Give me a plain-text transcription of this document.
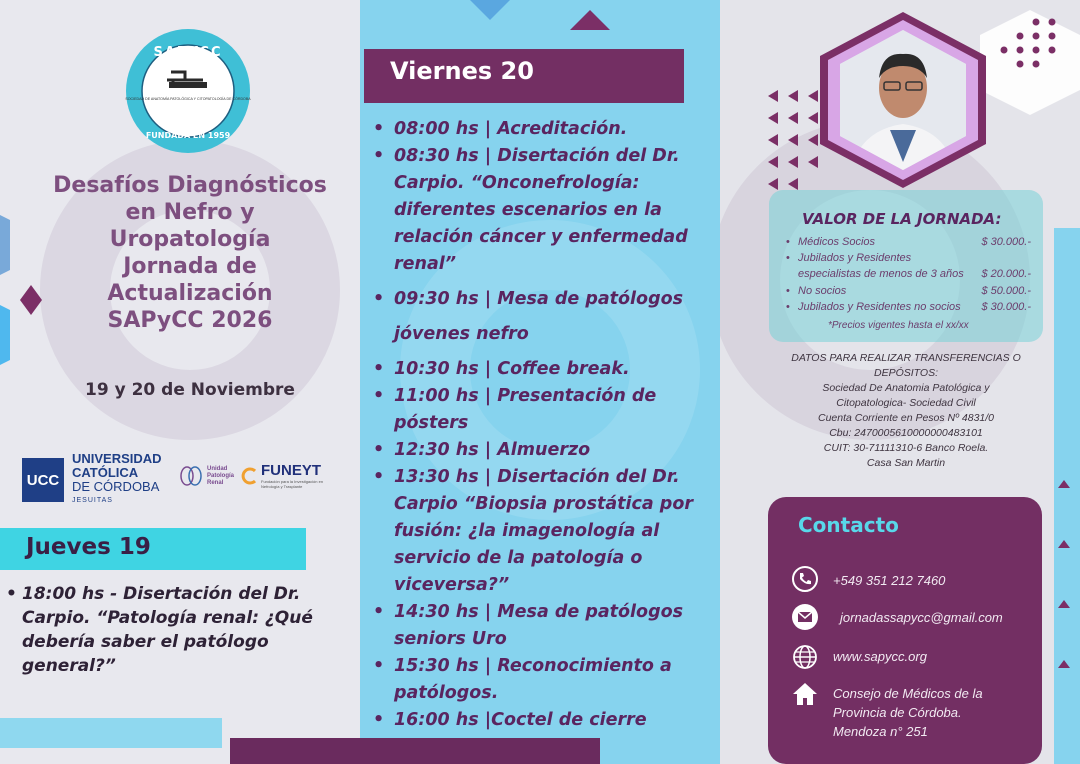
SAPYCC
SOCIEDAD DE ANATOMÍA PATOLÓGICA Y CITOPATOLOGÍA DE CÓRDOBA
FUNDADA EN 1959
Desafíos Diagnósticos
en Nefro y
Uropatología
Jornada de
Actualización
SAPyCC 2026
19 y 20 de Noviembre
UCC
UNIVERSIDAD
CATÓLICA
DE CÓRDOBA
JESUITAS
Unidad
Patología
Renal
FUNEYT
Fundación para la Investigación en Nefrología y Trasplante
Jueves 19
• 18:00 hs - Disertación del Dr. Carpio. “Patología renal: ¿Qué debería saber el patólogo general?”
Viernes 20
• 08:00 hs | Acreditación.
• 08:30 hs | Disertación del Dr. Carpio. “Onconefrología: diferentes escenarios en la relación cáncer y enfermedad renal”
• 09:30 hs | Mesa de patólogos
jóvenes nefro
• 10:30 hs | Coffee break.
• 11:00 hs | Presentación de pósters
• 12:30 hs | Almuerzo
• 13:30 hs | Disertación del Dr. Carpio “Biopsia prostática por fusión: ¿la imagenología al servicio de la patología o viceversa?”
• 14:30 hs | Mesa de patólogos seniors Uro
• 15:30 hs | Reconocimiento a patólogos.
• 16:00 hs |Coctel de cierre
VALOR DE LA JORNADA:
• Médicos Socios	$ 30.000.-
• Jubilados y Residentes
especialistas de menos de 3 años $ 20.000.-
• No socios	$ 50.000.-
• Jubilados y Residentes no socios $ 30.000.-
*Precios vigentes hasta el xx/xx
DATOS PARA REALIZAR TRANSFERENCIAS O DEPÓSITOS:
Sociedad De Anatomia Patológica y
Citopatologica- Sociedad Civil
Cuenta Corriente en Pesos Nº 4831/0
Cbu: 2470005610000000483101
CUIT: 30-71111310-6 Banco Roela.
Casa San Martin
Contacto
+549 351 212 7460
jornadassapycc@gmail.com
www.sapycc.org
Consejo de Médicos de la
Provincia de Córdoba.
Mendoza n° 251
